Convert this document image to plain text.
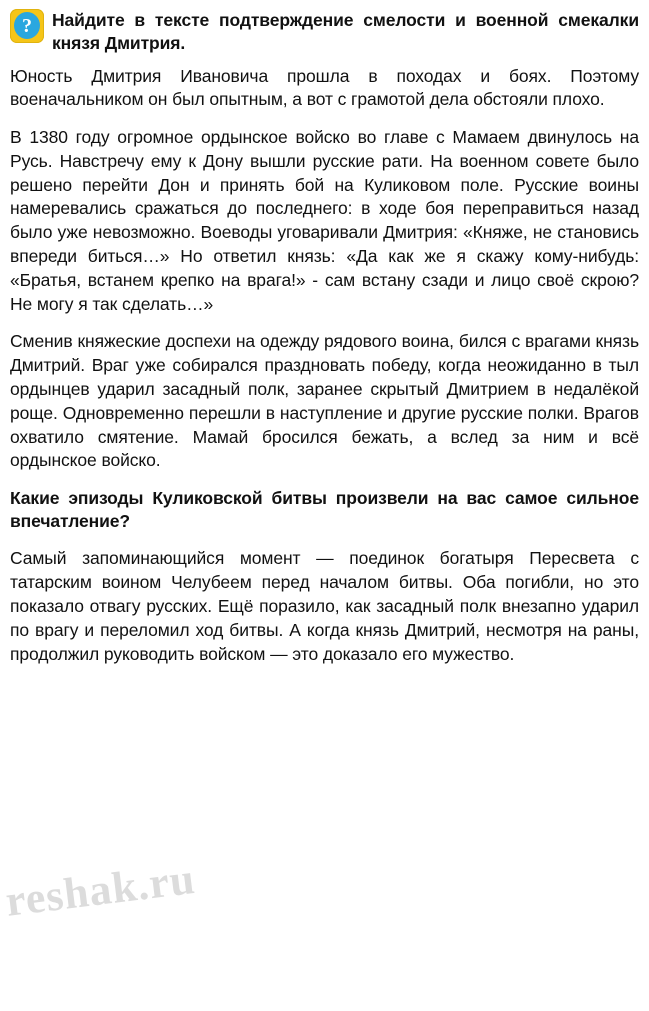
? Найдите в тексте подтверждение смелости и военной смекалки князя Дмитрия.

Юность Дмитрия Ивановича прошла в походах и боях. Поэтому военачальником он был опытным, а вот с грамотой дела обстояли плохо.

В 1380 году огромное ордынское войско во главе с Мамаем двинулось на Русь. Навстречу ему к Дону вышли русские рати. На военном совете было решено перейти Дон и принять бой на Куликовом поле. Русские воины намеревались сражаться до последнего: в ходе боя переправиться назад было уже невозможно. Воеводы уговаривали Дмитрия: «Княже, не становись впереди биться…» Но ответил князь: «Да как же я скажу кому-нибудь: «Братья, встанем крепко на врага!» - сам встану сзади и лицо своё скрою? Не могу я так сделать…»

Сменив княжеские доспехи на одежду рядового воина, бился с врагами князь Дмитрий. Враг уже собирался праздновать победу, когда неожиданно в тыл ордынцев ударил засадный полк, заранее скрытый Дмитрием в недалёкой роще. Одновременно перешли в наступление и другие русские полки. Врагов охватило смятение. Мамай бросился бежать, а вслед за ним и всё ордынское войско.

Какие эпизоды Куликовской битвы произвели на вас самое сильное впечатление?

Самый запоминающийся момент — поединок богатыря Пересвета с татарским воином Челубеем перед началом битвы. Оба погибли, но это показало отвагу русских. Ещё поразило, как засадный полк внезапно ударил по врагу и переломил ход битвы. А когда князь Дмитрий, несмотря на раны, продолжил руководить войском — это доказало его мужество.

reshak.ru
